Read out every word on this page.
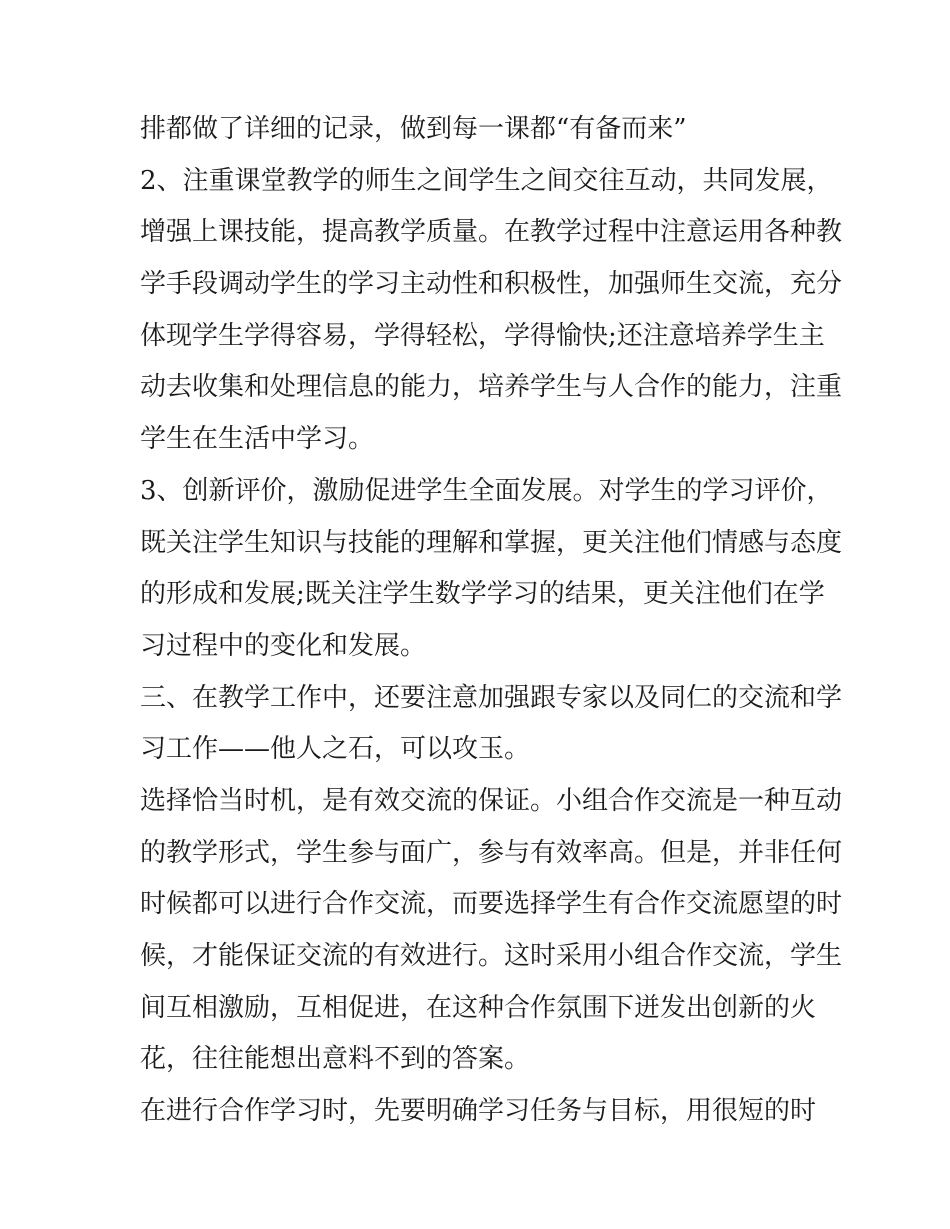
排都做了详细的记录，做到每一课都“有备而来”
2、注重课堂教学的师生之间学生之间交往互动，共同发展，
增强上课技能，提高教学质量。在教学过程中注意运用各种教
学手段调动学生的学习主动性和积极性，加强师生交流，充分
体现学生学得容易，学得轻松，学得愉快;还注意培养学生主
动去收集和处理信息的能力，培养学生与人合作的能力，注重
学生在生活中学习。
3、创新评价，激励促进学生全面发展。对学生的学习评价，
既关注学生知识与技能的理解和掌握，更关注他们情感与态度
的形成和发展;既关注学生数学学习的结果，更关注他们在学
习过程中的变化和发展。
三、在教学工作中，还要注意加强跟专家以及同仁的交流和学
习工作——他人之石，可以攻玉。
选择恰当时机，是有效交流的保证。小组合作交流是一种互动
的教学形式，学生参与面广，参与有效率高。但是，并非任何
时候都可以进行合作交流，而要选择学生有合作交流愿望的时
候，才能保证交流的有效进行。这时采用小组合作交流，学生
间互相激励，互相促进，在这种合作氛围下迸发出创新的火
花，往往能想出意料不到的答案。
在进行合作学习时，先要明确学习任务与目标，用很短的时
